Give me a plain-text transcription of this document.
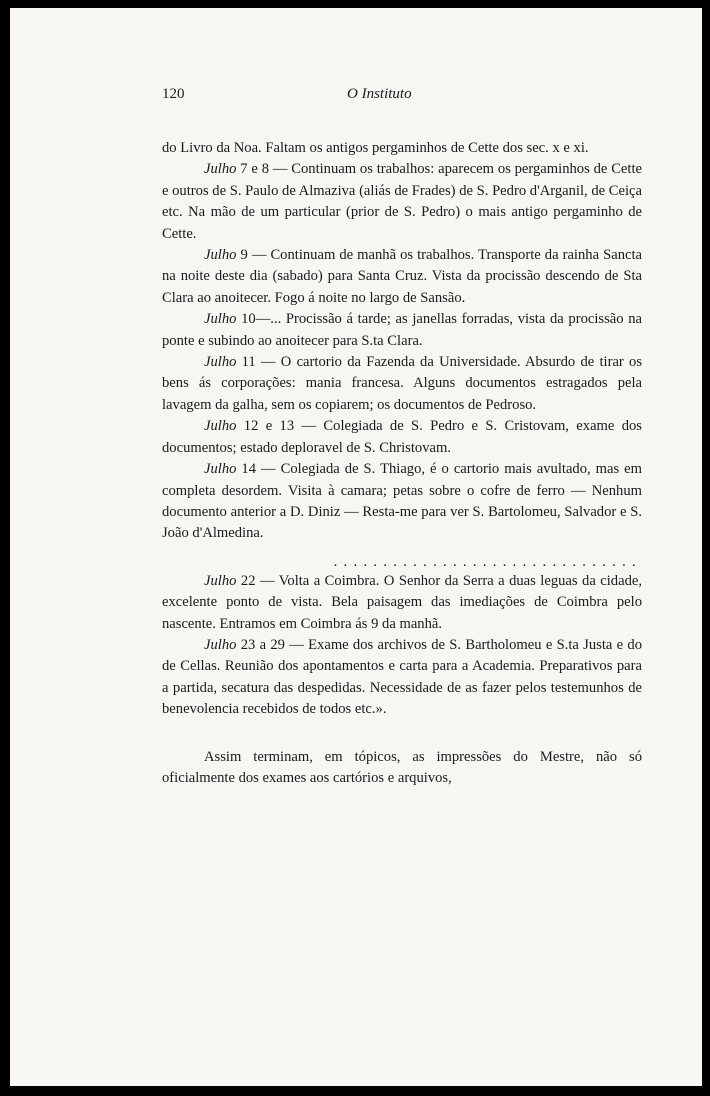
120	O Instituto

do Livro da Noa. Faltam os antigos pergaminhos de Cette dos sec. x e xi.

Julho 7 e 8 — Continuam os trabalhos: aparecem os pergaminhos de Cette e outros de S. Paulo de Almaziva (aliás de Frades) de S. Pedro d'Arganil, de Ceiça etc. Na mão de um particular (prior de S. Pedro) o mais antigo pergaminho de Cette.

Julho 9 — Continuam de manhã os trabalhos. Transporte da rainha Sancta na noite deste dia (sabado) para Santa Cruz. Vista da procissão descendo de Sta Clara ao anoitecer. Fogo á noite no largo de Sansão.

Julho 10—... Procissão á tarde; as janellas forradas, vista da procissão na ponte e subindo ao anoitecer para S.ta Clara.

Julho 11 — O cartorio da Fazenda da Universidade. Absurdo de tirar os bens ás corporações: mania francesa. Alguns documentos estragados pela lavagem da galha, sem os copiarem; os documentos de Pedroso.

Julho 12 e 13 — Colegiada de S. Pedro e S. Cristovam, exame dos documentos; estado deploravel de S. Christovam.

Julho 14 — Colegiada de S. Thiago, é o cartorio mais avultado, mas em completa desordem. Visita à camara; petas sobre o cofre de ferro — Nenhum documento anterior a D. Diniz — Resta-me para ver S. Bartolomeu, Salvador e S. João d'Almedina.

...............................

Julho 22 — Volta a Coimbra. O Senhor da Serra a duas leguas da cidade, excelente ponto de vista. Bela paisagem das imediações de Coimbra pelo nascente. Entramos em Coimbra ás 9 da manhã.

Julho 23 a 29 — Exame dos archivos de S. Bartholomeu e S.ta Justa e do de Cellas. Reunião dos apontamentos e carta para a Academia. Preparativos para a partida, secatura das despedidas. Necessidade de as fazer pelos testemunhos de benevolencia recebidos de todos etc.».

Assim terminam, em tópicos, as impressões do Mestre, não só oficialmente dos exames aos cartórios e arquivos,
